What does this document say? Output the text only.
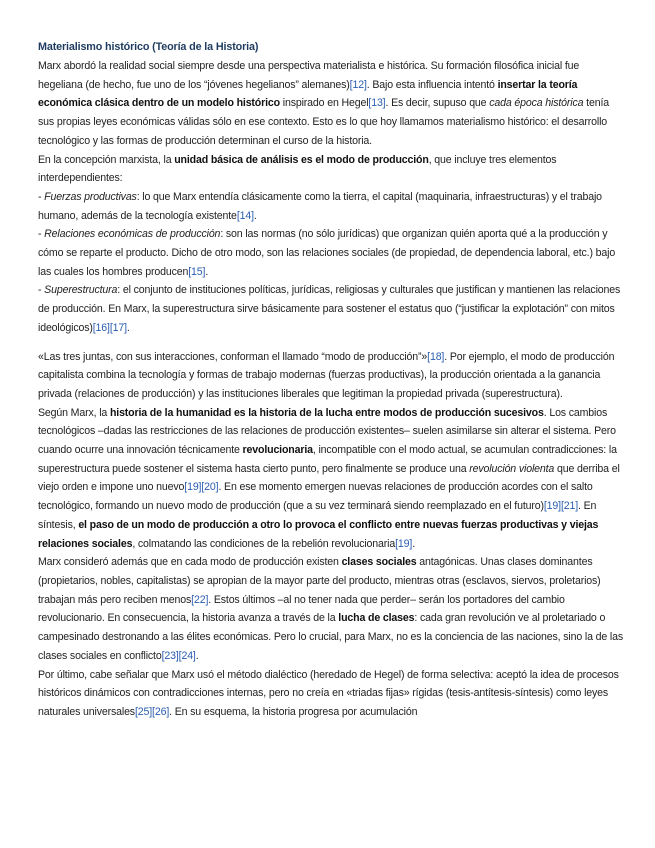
Materialismo histórico (Teoría de la Historia)

Marx abordó la realidad social siempre desde una perspectiva materialista e histórica. Su formación filosófica inicial fue hegeliana (de hecho, fue uno de los “jóvenes hegelianos” alemanes)[12]. Bajo esta influencia intentó insertar la teoría económica clásica dentro de un modelo histórico inspirado en Hegel[13]. Es decir, supuso que cada época histórica tenía sus propias leyes económicas válidas sólo en ese contexto. Esto es lo que hoy llamamos materialismo histórico: el desarrollo tecnológico y las formas de producción determinan el curso de la historia.

En la concepción marxista, la unidad básica de análisis es el modo de producción, que incluye tres elementos interdependientes:

- Fuerzas productivas: lo que Marx entendía clásicamente como la tierra, el capital (maquinaria, infraestructuras) y el trabajo humano, además de la tecnología existente[14].

- Relaciones económicas de producción: son las normas (no sólo jurídicas) que organizan quién aporta qué a la producción y cómo se reparte el producto. Dicho de otro modo, son las relaciones sociales (de propiedad, de dependencia laboral, etc.) bajo las cuales los hombres producen[15].

- Superestructura: el conjunto de instituciones políticas, jurídicas, religiosas y culturales que justifican y mantienen las relaciones de producción. En Marx, la superestructura sirve básicamente para sostener el estatus quo (“justificar la explotación” con mitos ideológicos)[16][17].

«Las tres juntas, con sus interacciones, conforman el llamado “modo de producción”»[18]. Por ejemplo, el modo de producción capitalista combina la tecnología y formas de trabajo modernas (fuerzas productivas), la producción orientada a la ganancia privada (relaciones de producción) y las instituciones liberales que legitiman la propiedad privada (superestructura).

Según Marx, la historia de la humanidad es la historia de la lucha entre modos de producción sucesivos. Los cambios tecnológicos –dadas las restricciones de las relaciones de producción existentes– suelen asimilarse sin alterar el sistema. Pero cuando ocurre una innovación técnicamente revolucionaria, incompatible con el modo actual, se acumulan contradicciones: la superestructura puede sostener el sistema hasta cierto punto, pero finalmente se produce una revolución violenta que derriba el viejo orden e impone uno nuevo[19][20]. En ese momento emergen nuevas relaciones de producción acordes con el salto tecnológico, formando un nuevo modo de producción (que a su vez terminará siendo reemplazado en el futuro)[19][21]. En síntesis, el paso de un modo de producción a otro lo provoca el conflicto entre nuevas fuerzas productivas y viejas relaciones sociales, colmatando las condiciones de la rebelión revolucionaria[19].

Marx consideró además que en cada modo de producción existen clases sociales antagónicas. Unas clases dominantes (propietarios, nobles, capitalistas) se apropian de la mayor parte del producto, mientras otras (esclavos, siervos, proletarios) trabajan más pero reciben menos[22]. Estos últimos –al no tener nada que perder– serán los portadores del cambio revolucionario. En consecuencia, la historia avanza a través de la lucha de clases: cada gran revolución ve al proletariado o campesinado destronando a las élites económicas. Pero lo crucial, para Marx, no es la conciencia de las naciones, sino la de las clases sociales en conflicto[23][24].

Por último, cabe señalar que Marx usó el método dialéctico (heredado de Hegel) de forma selectiva: aceptó la idea de procesos históricos dinámicos con contradicciones internas, pero no creía en «triadas fijas» rígidas (tesis-antítesis-síntesis) como leyes naturales universales[25][26]. En su esquema, la historia progresa por acumulación
